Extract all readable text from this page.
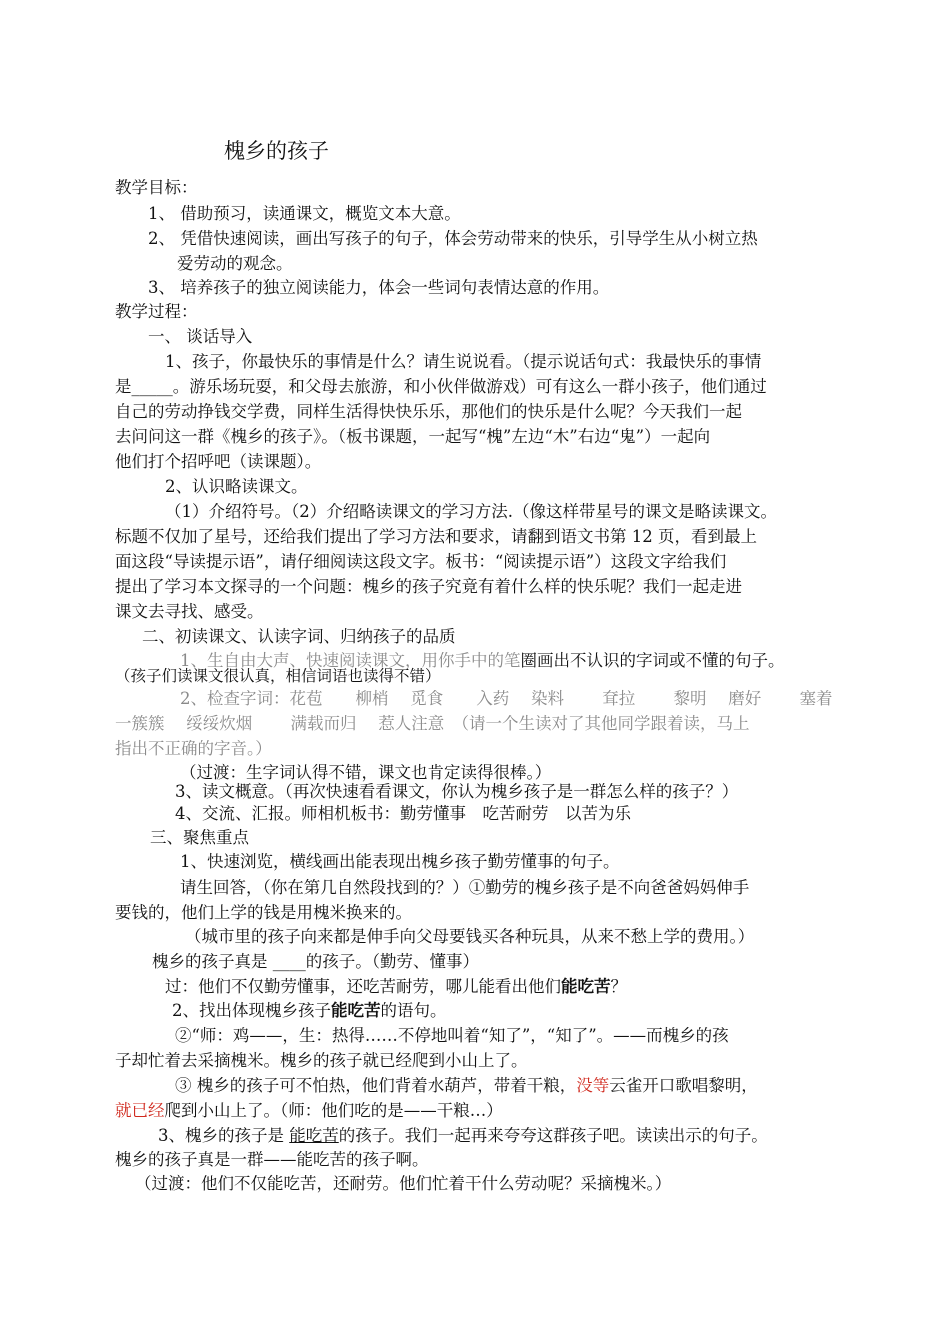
槐乡的孩子
教学目标：
1、 借助预习，读通课文，概览文本大意。
2、 凭借快速阅读，画出写孩子的句子，体会劳动带来的快乐，引导学生从小树立热
爱劳动的观念。
3、 培养孩子的独立阅读能力，体会一些词句表情达意的作用。
教学过程：
一、 谈话导入
1、孩子，你最快乐的事情是什么？请生说说看。（提示说话句式：我最快乐的事情
是_____。游乐场玩耍，和父母去旅游，和小伙伴做游戏）可有这么一群小孩子，他们通过
自己的劳动挣钱交学费，同样生活得快快乐乐，那他们的快乐是什么呢？今天我们一起
去问问这一群《槐乡的孩子》。（板书课题，一起写“槐”左边“木”右边“鬼”）一起向
他们打个招呼吧（读课题）。
2、认识略读课文。
（1）介绍符号。（2）介绍略读课文的学习方法.（像这样带星号的课文是略读课文。
标题不仅加了星号，还给我们提出了学习方法和要求，请翻到语文书第 12 页，看到最上
面这段“导读提示语”，请仔细阅读这段文字。板书：“阅读提示语”）这段文字给我们
提出了学习本文探寻的一个问题：槐乡的孩子究竟有着什么样的快乐呢？我们一起走进
课文去寻找、感受。
二、初读课文、认读字词、归纳孩子的品质
1、生自由大声、快速阅读课文，用你手中的笔圈画出不认识的字词或不懂的句子。
（孩子们读课文很认真，相信词语也读得不错）
2、检查字词：花苞　　柳梢　 觅食　　入药　 染料　　 耷拉　　 黎明　 磨好　　 塞着
一簇簇　 绥绥炊烟　　 满载而归　 惹人注意　（请一个生读对了其他同学跟着读，马上
指出不正确的字音。）
（过渡：生字词认得不错，课文也肯定读得很棒。）
3、读文概意。（再次快速看看课文，你认为槐乡孩子是一群怎么样的孩子？）
4、交流、汇报。师相机板书：勤劳懂事　吃苦耐劳　以苦为乐
三、聚焦重点
1、快速浏览，横线画出能表现出槐乡孩子勤劳懂事的句子。
请生回答，（你在第几自然段找到的？）①勤劳的槐乡孩子是不向爸爸妈妈伸手
要钱的，他们上学的钱是用槐米换来的。
（城市里的孩子向来都是伸手向父母要钱买各种玩具，从来不愁上学的费用。）
槐乡的孩子真是 ____的孩子。（勤劳、懂事）
过：他们不仅勤劳懂事，还吃苦耐劳，哪儿能看出他们能吃苦？
2、找出体现槐乡孩子能吃苦的语句。
②“师：鸡——，生：热得……不停地叫着“知了”，“知了”。——而槐乡的孩
子却忙着去采摘槐米。槐乡的孩子就已经爬到小山上了。
③ 槐乡的孩子可不怕热，他们背着水葫芦，带着干粮，没等云雀开口歌唱黎明，
就已经爬到小山上了。（师：他们吃的是——干粮…）
3、槐乡的孩子是 能吃苦的孩子。我们一起再来夸夸这群孩子吧。读读出示的句子。
槐乡的孩子真是一群——能吃苦的孩子啊。
（过渡：他们不仅能吃苦，还耐劳。他们忙着干什么劳动呢？采摘槐米。）
